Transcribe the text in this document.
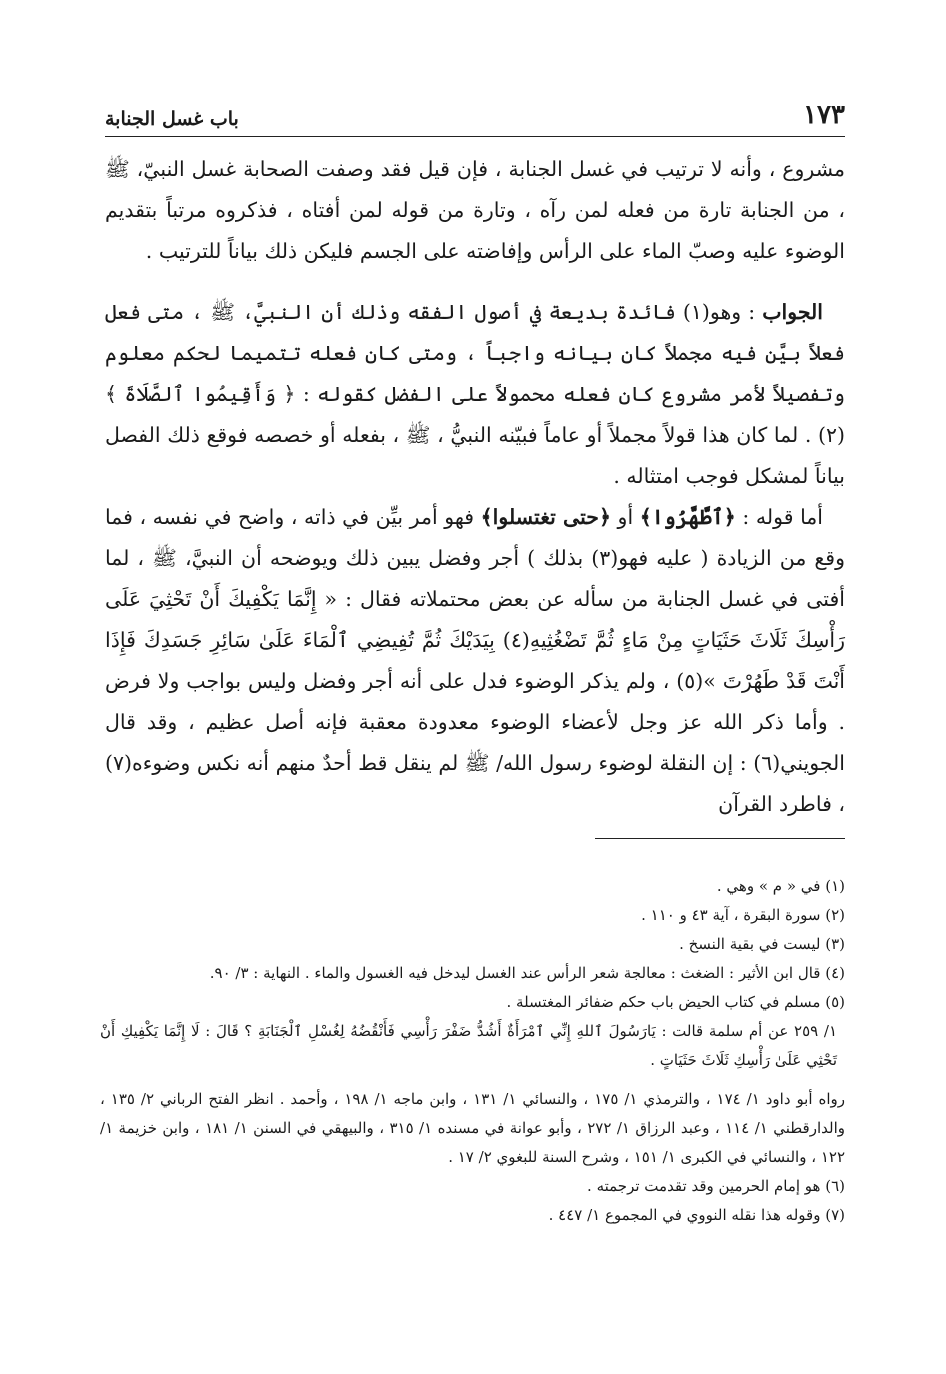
١٧٣
باب غسل الجنابة

مشروع ، وأنه لا ترتيب في غسل الجنابة ، فإن قيل فقد وصفت الصحابة غسل النبيّ، ﷺ ، من الجنابة تارة من فعله لمن رآه ، وتارة من قوله لمن أفتاه ، فذكروه مرتباً بتقديم الوضوء عليه وصبّ الماء على الرأس وإفاضته على الجسم فليكن ذلك بياناً للترتيب .

الجواب : وهو(١) فائدة بديعة في أصول الفقه وذلك أن النبيَّ، ﷺ ، متى فعل فعلاً بيَّن فيه مجملاً كان بيانه واجباً ، ومتى كان فعله تتميما لحكم معلوم وتفصيلاً لأمر مشروع كان فعله محمولاً على الفضل كقوله : ﴿ وَأَقِيمُوا ٱلصَّلَاةَ ﴾(٢) . لما كان هذا قولاً مجملاً أو عاماً فبيّنه النبيُّ ، ﷺ ، بفعله أو خصصه فوقع ذلك الفصل بياناً لمشكل فوجب امتثاله .

أما قوله : ﴿ٱطَّهَّرُوا﴾ أو ﴿حتى تغتسلوا﴾ فهو أمر بيِّن في ذاته ، واضح في نفسه ، فما وقع من الزيادة ( عليه فهو(٣) بذلك ) أجر وفضل يبين ذلك ويوضحه أن النبيَّ، ﷺ ، لما أفتى في غسل الجنابة من سأله عن بعض محتملاته فقال : « إِنَّمَا يَكْفِيكَ أَنْ تَحْثِيَ عَلَى رَأْسِكَ ثَلَاثَ حَثَيَاتٍ مِنْ مَاءٍ ثُمَّ تَضْغُثِيهِ(٤) بِيَدَيْكَ ثُمَّ تُفِيضِي ٱلْمَاءَ عَلَىٰ سَائِرِ جَسَدِكَ فَإِذَا أَنْتَ قَدْ طَهُرْتَ »(٥) ، ولم يذكر الوضوء فدل على أنه أجر وفضل وليس بواجب ولا فرض . وأما ذكر الله عز وجل لأعضاء الوضوء معدودة معقبة فإنه أصل عظيم ، وقد قال الجويني(٦) : إن النقلة لوضوء رسول الله/ ﷺ لم ينقل قط أحدٌ منهم أنه نكس وضوءه(٧) ، فاطرد القرآن

(١) في « م » وهي .

(٢) سورة البقرة ، آية ٤٣ و ١١٠ .

(٣) ليست في بقية النسخ .

(٤) قال ابن الأثير : الضغث : معالجة شعر الرأس عند الغسل ليدخل فيه الغسول والماء . النهاية : ٣/ ٩٠.

(٥) مسلم في كتاب الحيض باب حكم ضفائر المغتسلة .

١/ ٢٥٩ عن أم سلمة قالت : يَارَسُولَ ٱللهِ إِنِّي ٱمْرَأَةٌ أَشُدُّ ضَفْرَ رَأْسِي فَأَنْقُضُهُ لِغُسْلِ ٱلْجَنَابَةِ ؟ قَالَ : لَا إِنَّمَا يَكْفِيكِ أَنْ تَحْثِي عَلَىٰ رَأْسِكِ ثَلَاثَ حَثَيَاتٍ .

رواه أبو داود ١/ ١٧٤ ، والترمذي ١/ ١٧٥ ، والنسائي ١/ ١٣١ ، وابن ماجه ١/ ١٩٨ ، وأحمد . انظر الفتح الرباني ٢/ ١٣٥ ، والدارقطني ١/ ١١٤ ، وعبد الرزاق ١/ ٢٧٢ ، وأبو عوانة في مسنده ١/ ٣١٥ ، والبيهقي في السنن ١/ ١٨١ ، وابن خزيمة ١/ ١٢٢ ، والنسائي في الكبرى ١/ ١٥١ ، وشرح السنة للبغوي ٢/ ١٧ .

(٦) هو إمام الحرمين وقد تقدمت ترجمته .

(٧) وقوله هذا نقله النووي في المجموع ١/ ٤٤٧ .
